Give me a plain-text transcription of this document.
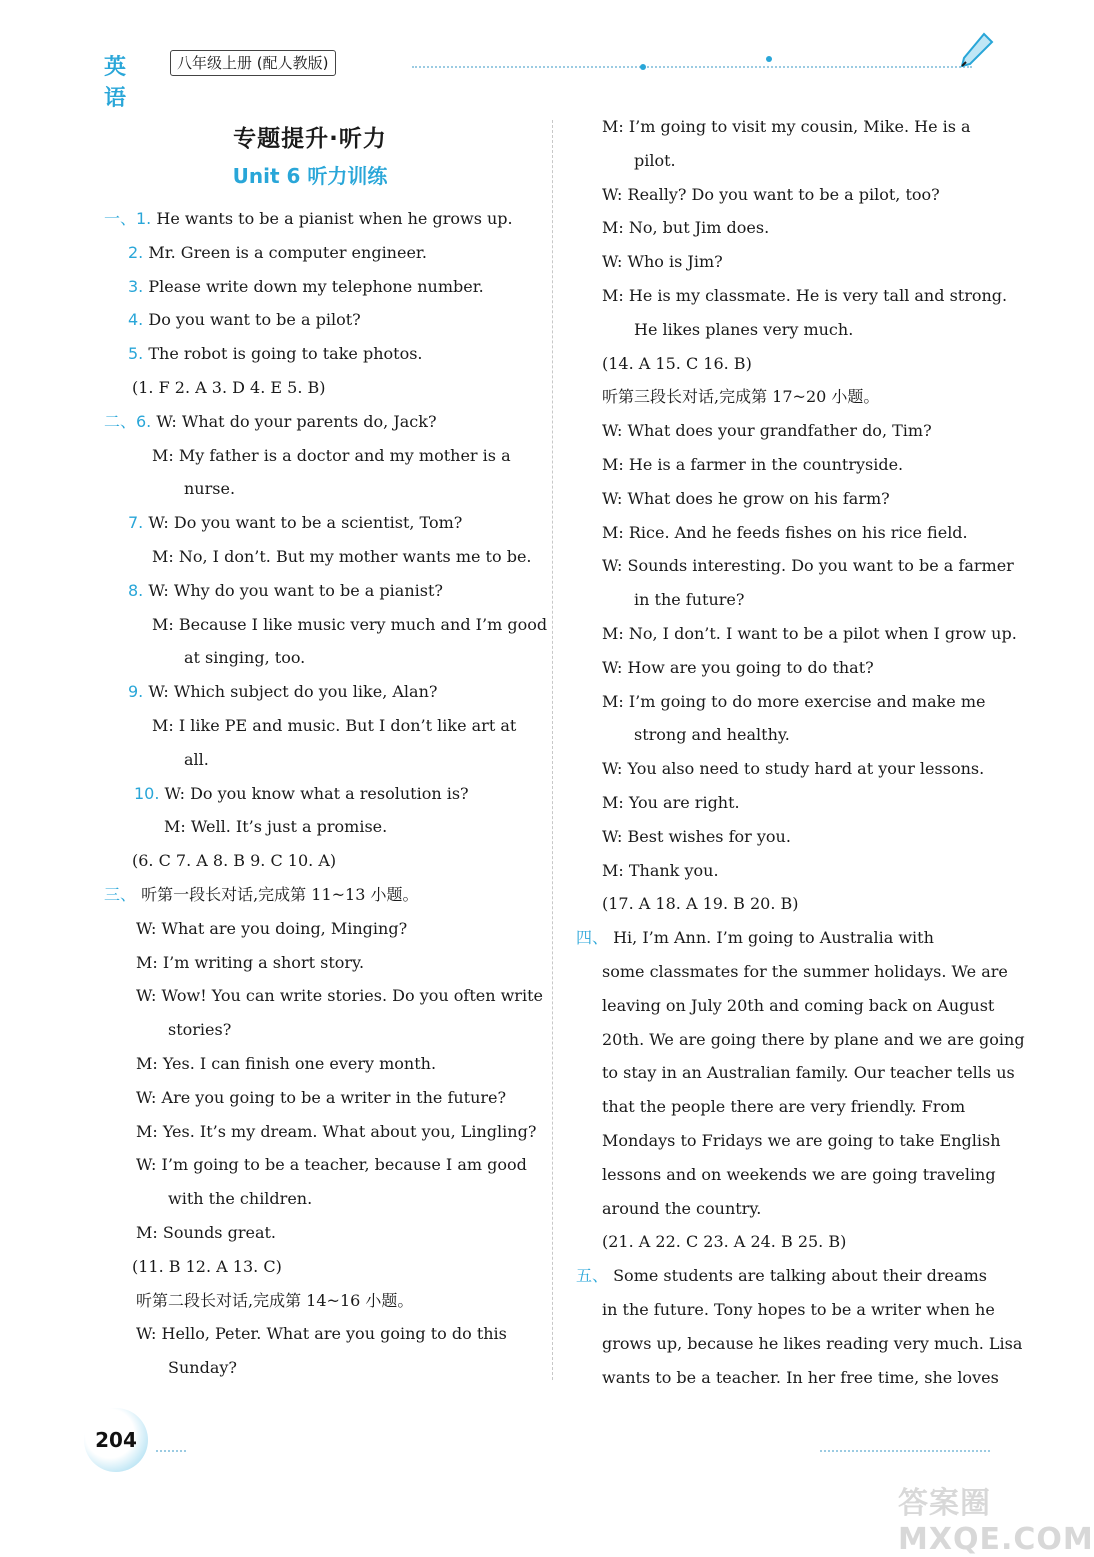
英语
八年级上册 (配人教版)
专题提升·听力
Unit 6 听力训练
一、1. He wants to be a pianist when he grows up.
2. Mr. Green is a computer engineer.
3. Please write down my telephone number.
4. Do you want to be a pilot?
5. The robot is going to take photos.
(1. F 2. A 3. D 4. E 5. B)
二、6. W: What do your parents do, Jack?
M: My father is a doctor and my mother is a
nurse.
7. W: Do you want to be a scientist, Tom?
M: No, I don’t. But my mother wants me to be.
8. W: Why do you want to be a pianist?
M: Because I like music very much and I’m good
at singing, too.
9. W: Which subject do you like, Alan?
M: I like PE and music. But I don’t like art at
all.
10. W: Do you know what a resolution is?
M: Well. It’s just a promise.
(6. C 7. A 8. B 9. C 10. A)
三、 听第一段长对话,完成第 11~13 小题。
W: What are you doing, Minging?
M: I’m writing a short story.
W: Wow! You can write stories. Do you often write
stories?
M: Yes. I can finish one every month.
W: Are you going to be a writer in the future?
M: Yes. It’s my dream. What about you, Lingling?
W: I’m going to be a teacher, because I am good
with the children.
M: Sounds great.
(11. B 12. A 13. C)
听第二段长对话,完成第 14~16 小题。
W: Hello, Peter. What are you going to do this
Sunday?
M: I’m going to visit my cousin, Mike. He is a
pilot.
W: Really? Do you want to be a pilot, too?
M: No, but Jim does.
W: Who is Jim?
M: He is my classmate. He is very tall and strong.
He likes planes very much.
(14. A 15. C 16. B)
听第三段长对话,完成第 17~20 小题。
W: What does your grandfather do, Tim?
M: He is a farmer in the countryside.
W: What does he grow on his farm?
M: Rice. And he feeds fishes on his rice field.
W: Sounds interesting. Do you want to be a farmer
in the future?
M: No, I don’t. I want to be a pilot when I grow up.
W: How are you going to do that?
M: I’m going to do more exercise and make me
strong and healthy.
W: You also need to study hard at your lessons.
M: You are right.
W: Best wishes for you.
M: Thank you.
(17. A 18. A 19. B 20. B)
四、 Hi, I’m Ann. I’m going to Australia with
some classmates for the summer holidays. We are
leaving on July 20th and coming back on August
20th. We are going there by plane and we are going
to stay in an Australian family. Our teacher tells us
that the people there are very friendly. From
Mondays to Fridays we are going to take English
lessons and on weekends we are going traveling
around the country.
(21. A 22. C 23. A 24. B 25. B)
五、 Some students are talking about their dreams
in the future. Tony hopes to be a writer when he
grows up, because he likes reading very much. Lisa
wants to be a teacher. In her free time, she loves
204
答案圈 MXQE.COM
